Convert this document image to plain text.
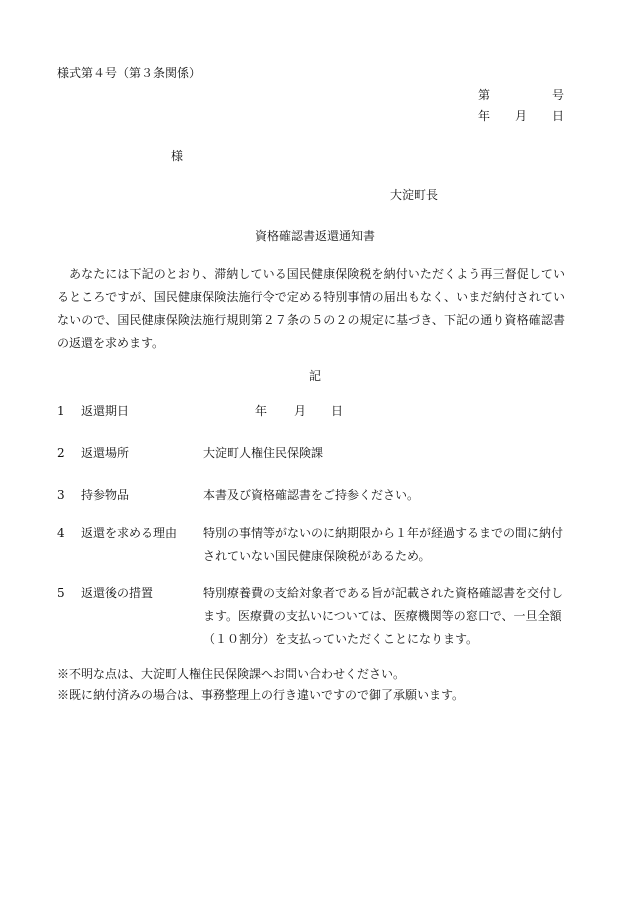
様式第４号（第３条関係）
第	号
年 月 日
様
大淀町長
資格確認書返還通知書
あなたには下記のとおり、滞納している国民健康保険税を納付いただくよう再三督促しているところですが、国民健康保険法施行令で定める特別事情の届出もなく、いまだ納付されていないので、国民健康保険法施行規則第２７条の５の２の規定に基づき、下記の通り資格確認書の返還を求めます。
記
1 返還期日	年 月 日
2 返還場所	大淀町人権住民保険課
3 持参物品	本書及び資格確認書をご持参ください。
4 返還を求める理由 特別の事情等がないのに納期限から１年が経過するまでの間に納付されていない国民健康保険税があるため。
5 返還後の措置	特別療養費の支給対象者である旨が記載された資格確認書を交付します。医療費の支払いについては、医療機関等の窓口で、一旦全額（１０割分）を支払っていただくことになります。
※不明な点は、大淀町人権住民保険課へお問い合わせください。
※既に納付済みの場合は、事務整理上の行き違いですので御了承願います。
